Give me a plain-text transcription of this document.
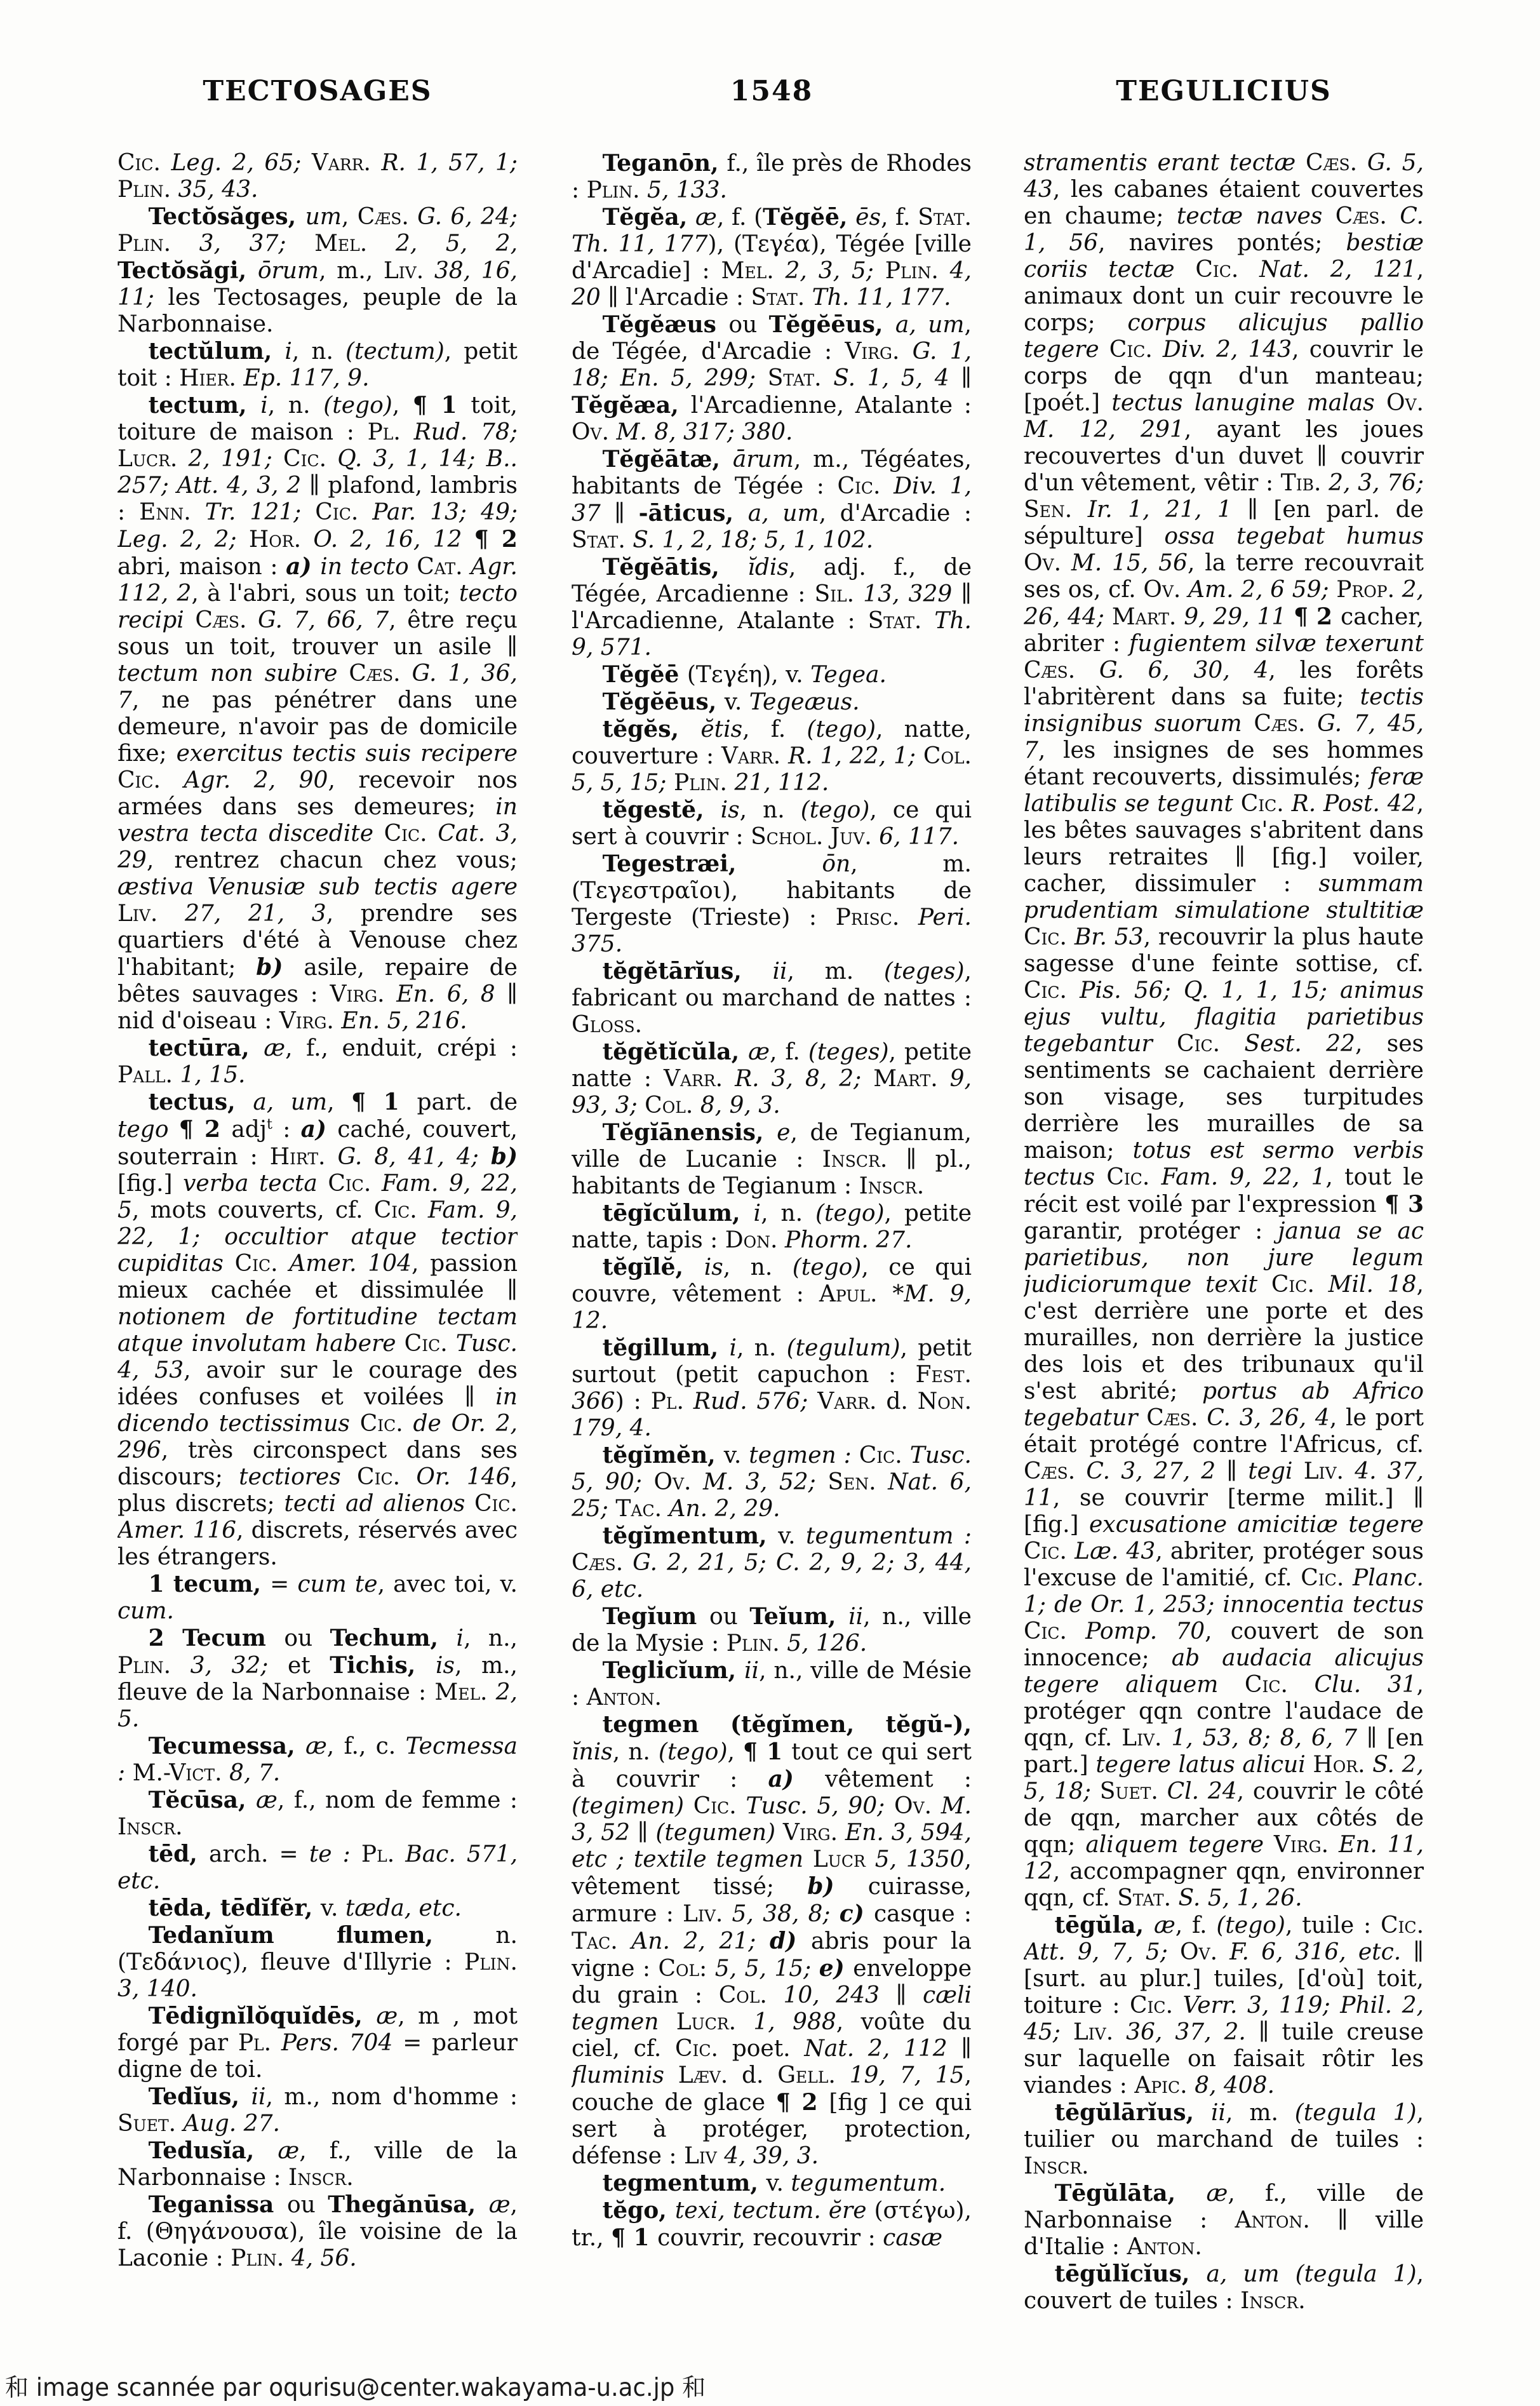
TECTOSAGES	1548	TEGULICIUS

Cic. Leg. 2, 65; Varr. R. 1, 57, 1; Plin. 35, 43.

Tectŏsăges, um, Cæs. G. 6, 24; Plin. 3, 37; Mel. 2, 5, 2, Tectŏsăgi, ōrum, m., Liv. 38, 16, 11; les Tectosages, peuple de la Narbonnaise.

tectŭlum, i, n. (tectum), petit toit : Hier. Ep. 117, 9.

tectum, i, n. (tego), ¶ 1 toit, toiture de maison : Pl. Rud. 78; Lucr. 2, 191; Cic. Q. 3, 1, 14; B.. 257; Att. 4, 3, 2 ∥ plafond, lambris : Enn. Tr. 121; Cic. Par. 13; 49; Leg. 2, 2; Hor. O. 2, 16, 12 ¶ 2 abri, maison : a) in tecto Cat. Agr. 112, 2, à l'abri, sous un toit; tecto recipi Cæs. G. 7, 66, 7, être reçu sous un toit, trouver un asile ∥ tectum non subire Cæs. G. 1, 36, 7, ne pas pénétrer dans une demeure, n'avoir pas de domicile fixe; exercitus tectis suis recipere Cic. Agr. 2, 90, recevoir nos armées dans ses demeures; in vestra tecta discedite Cic. Cat. 3, 29, rentrez chacun chez vous; æstiva Venusiæ sub tectis agere Liv. 27, 21, 3, prendre ses quartiers d'été à Venouse chez l'habitant; b) asile, repaire de bêtes sauvages : Virg. En. 6, 8 ∥ nid d'oiseau : Virg. En. 5, 216.

tectūra, æ, f., enduit, crépi : Pall. 1, 15.

tectus, a, um, ¶ 1 part. de tego ¶ 2 adj$^t$ : a) caché, couvert, souterrain : Hirt. G. 8, 41, 4; b) [fig.] verba tecta Cic. Fam. 9, 22, 5, mots couverts, cf. Cic. Fam. 9, 22, 1; occultior atque tectior cupiditas Cic. Amer. 104, passion mieux cachée et dissimulée ∥ notionem de fortitudine tectam atque involutam habere Cic. Tusc. 4, 53, avoir sur le courage des idées confuses et voilées ∥ in dicendo tectissimus Cic. de Or. 2, 296, très circonspect dans ses discours; tectiores Cic. Or. 146, plus discrets; tecti ad alienos Cic. Amer. 116, discrets, réservés avec les étrangers.

1 tecum, = cum te, avec toi, v. cum.

2 Tecum ou Techum, i, n., Plin. 3, 32; et Tichis, is, m., fleuve de la Narbonnaise : Mel. 2, 5.

Tecumessa, æ, f., c. Tecmessa : M.-Vict. 8, 7.

Tĕcūsa, æ, f., nom de femme : Inscr.

tēd, arch. = te : Pl. Bac. 571, etc.

tēda, tēdĭfĕr, v. tæda, etc.

Tedanĭum flumen, n. (Τεδάνιος), fleuve d'Illyrie : Plin. 3, 140.

Tēdignĭlŏquĭdēs, æ, m , mot forgé par Pl. Pers. 704 = parleur digne de toi.

Tedĭus, ii, m., nom d'homme : Suet. Aug. 27.

Tedusĭa, æ, f., ville de la Narbonnaise : Inscr.

Teganissa ou Thegănūsa, æ, f. (Θηγάνουσα), île voisine de la Laconie : Plin. 4, 56.

Teganōn, f., île près de Rhodes : Plin. 5, 133.

Tĕgĕa, æ, f. (Tĕgĕē, ēs, f. Stat. Th. 11, 177), (Τεγέα), Tégée [ville d'Arcadie] : Mel. 2, 3, 5; Plin. 4, 20 ∥ l'Arcadie : Stat. Th. 11, 177.

Tĕgĕæus ou Tĕgĕēus, a, um, de Tégée, d'Arcadie : Virg. G. 1, 18; En. 5, 299; Stat. S. 1, 5, 4 ∥ Tĕgĕæa, l'Arcadienne, Atalante : Ov. M. 8, 317; 380.

Tĕgĕātæ, ārum, m., Tégéates, habitants de Tégée : Cic. Div. 1, 37 ∥ -āticus, a, um, d'Arcadie : Stat. S. 1, 2, 18; 5, 1, 102.

Tĕgĕātis, ĭdis, adj. f., de Tégée, Arcadienne : Sil. 13, 329 ∥ l'Arcadienne, Atalante : Stat. Th. 9, 571.

Tĕgĕē (Τεγέη), v. Tegea.

Tĕgĕēus, v. Tegeæus.

tĕgĕs, ĕtis, f. (tego), natte, couverture : Varr. R. 1, 22, 1; Col. 5, 5, 15; Plin. 21, 112.

tĕgestĕ, is, n. (tego), ce qui sert à couvrir : Schol. Juv. 6, 117.

Tegestræi, ōn, m. (Τεγεστραῖοι), habitants de Tergeste (Trieste) : Prisc. Peri. 375.

tĕgĕtārĭus, ii, m. (teges), fabricant ou marchand de nattes : Gloss.

tĕgĕtĭcŭla, æ, f. (teges), petite natte : Varr. R. 3, 8, 2; Mart. 9, 93, 3; Col. 8, 9, 3.

Tĕgĭānensis, e, de Tegianum, ville de Lucanie : Inscr. ∥ pl., habitants de Tegianum : Inscr.

tēgĭcŭlum, i, n. (tego), petite natte, tapis : Don. Phorm. 27.

tĕgĭlĕ, is, n. (tego), ce qui couvre, vêtement : Apul. *M. 9, 12.

tĕgillum, i, n. (tegulum), petit surtout (petit capuchon : Fest. 366) : Pl. Rud. 576; Varr. d. Non. 179, 4.

tĕgĭmĕn, v. tegmen : Cic. Tusc. 5, 90; Ov. M. 3, 52; Sen. Nat. 6, 25; Tac. An. 2, 29.

tĕgĭmentum, v. tegumentum : Cæs. G. 2, 21, 5; C. 2, 9, 2; 3, 44, 6, etc.

Tegĭum ou Teĭum, ii, n., ville de la Mysie : Plin. 5, 126.

Teglicĭum, ii, n., ville de Mésie : Anton.

tegmen (tĕgĭmen, tĕgŭ-), ĭnis, n. (tego), ¶ 1 tout ce qui sert à couvrir : a) vêtement : (tegimen) Cic. Tusc. 5, 90; Ov. M. 3, 52 ∥ (tegumen) Virg. En. 3, 594, etc ; textile tegmen Lucr 5, 1350, vêtement tissé; b) cuirasse, armure : Liv. 5, 38, 8; c) casque : Tac. An. 2, 21; d) abris pour la vigne : Col: 5, 5, 15; e) enveloppe du grain : Col. 10, 243 ∥ cæli tegmen Lucr. 1, 988, voûte du ciel, cf. Cic. poet. Nat. 2, 112 ∥ fluminis Læv. d. Gell. 19, 7, 15, couche de glace ¶ 2 [fig ] ce qui sert à protéger, protection, défense : Liv 4, 39, 3.

tegmentum, v. tegumentum.

tĕgo, texi, tectum. ĕre (στέγω), tr., ¶ 1 couvrir, recouvrir : casæ

stramentis erant tectæ Cæs. G. 5, 43, les cabanes étaient couvertes en chaume; tectæ naves Cæs. C. 1, 56, navires pontés; bestiæ coriis tectæ Cic. Nat. 2, 121, animaux dont un cuir recouvre le corps; corpus alicujus pallio tegere Cic. Div. 2, 143, couvrir le corps de qqn d'un manteau; [poét.] tectus lanugine malas Ov. M. 12, 291, ayant les joues recouvertes d'un duvet ∥ couvrir d'un vêtement, vêtir : Tib. 2, 3, 76; Sen. Ir. 1, 21, 1 ∥ [en parl. de sépulture] ossa tegebat humus Ov. M. 15, 56, la terre recouvrait ses os, cf. Ov. Am. 2, 6 59; Prop. 2, 26, 44; Mart. 9, 29, 11 ¶ 2 cacher, abriter : fugientem silvæ texerunt Cæs. G. 6, 30, 4, les forêts l'abritèrent dans sa fuite; tectis insignibus suorum Cæs. G. 7, 45, 7, les insignes de ses hommes étant recouverts, dissimulés; feræ latibulis se tegunt Cic. R. Post. 42, les bêtes sauvages s'abritent dans leurs retraites ∥ [fig.] voiler, cacher, dissimuler : summam prudentiam simulatione stultitiæ Cic. Br. 53, recouvrir la plus haute sagesse d'une feinte sottise, cf. Cic. Pis. 56; Q. 1, 1, 15; animus ejus vultu, flagitia parietibus tegebantur Cic. Sest. 22, ses sentiments se cachaient derrière son visage, ses turpitudes derrière les murailles de sa maison; totus est sermo verbis tectus Cic. Fam. 9, 22, 1, tout le récit est voilé par l'expression ¶ 3 garantir, protéger : janua se ac parietibus, non jure legum judiciorumque texit Cic. Mil. 18, c'est derrière une porte et des murailles, non derrière la justice des lois et des tribunaux qu'il s'est abrité; portus ab Africo tegebatur Cæs. C. 3, 26, 4, le port était protégé contre l'Africus, cf. Cæs. C. 3, 27, 2 ∥ tegi Liv. 4. 37, 11, se couvrir [terme milit.] ∥ [fig.] excusatione amicitiæ tegere Cic. Læ. 43, abriter, protéger sous l'excuse de l'amitié, cf. Cic. Planc. 1; de Or. 1, 253; innocentia tectus Cic. Pomp. 70, couvert de son innocence; ab audacia alicujus tegere aliquem Cic. Clu. 31, protéger qqn contre l'audace de qqn, cf. Liv. 1, 53, 8; 8, 6, 7 ∥ [en part.] tegere latus alicui Hor. S. 2, 5, 18; Suet. Cl. 24, couvrir le côté de qqn, marcher aux côtés de qqn; aliquem tegere Virg. En. 11, 12, accompagner qqn, environner qqn, cf. Stat. S. 5, 1, 26.

tēgŭla, æ, f. (tego), tuile : Cic. Att. 9, 7, 5; Ov. F. 6, 316, etc. ∥ [surt. au plur.] tuiles, [d'où] toit, toiture : Cic. Verr. 3, 119; Phil. 2, 45; Liv. 36, 37, 2. ∥ tuile creuse sur laquelle on faisait rôtir les viandes : Apic. 8, 408.

tēgŭlārĭus, ii, m. (tegula 1), tuilier ou marchand de tuiles : Inscr.

Tēgŭlāta, æ, f., ville de Narbonnaise : Anton. ∥ ville d'Italie : Anton.

tēgŭlĭcĭus, a, um (tegula 1), couvert de tuiles : Inscr.

和 image scannée par oqurisu@center.wakayama-u.ac.jp 和
